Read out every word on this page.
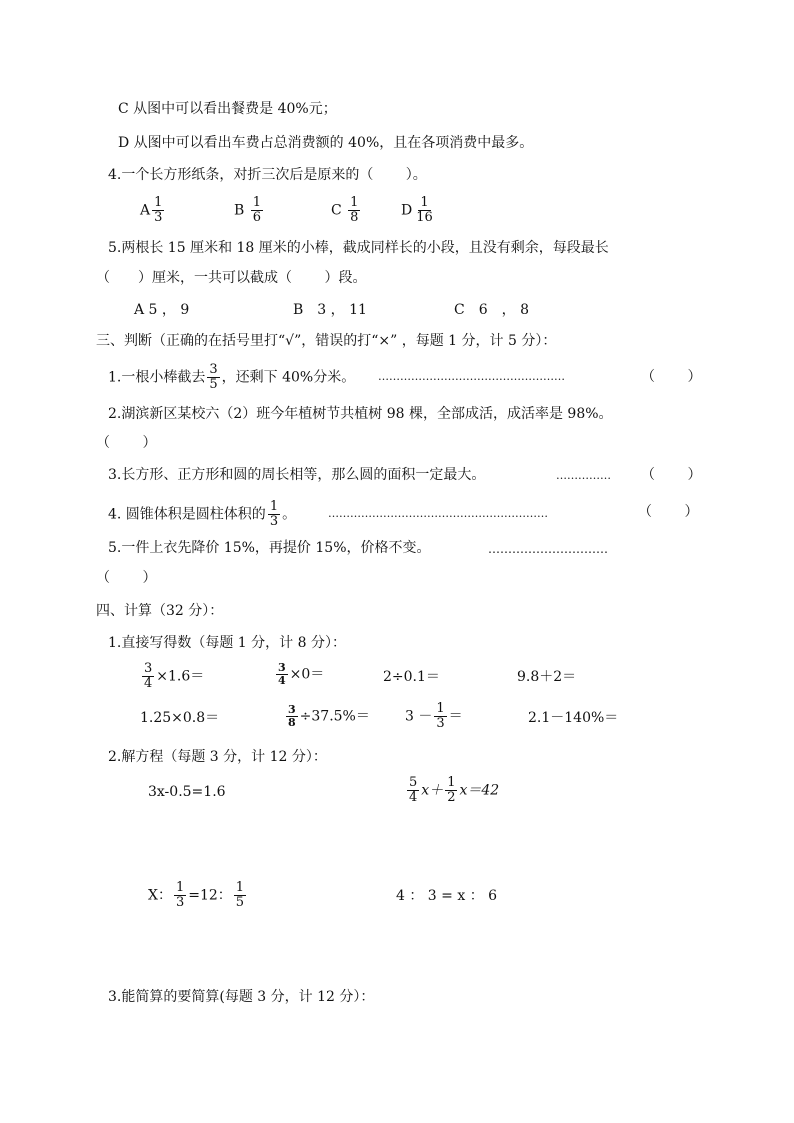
C 从图中可以看出餐费是 40%元；
D 从图中可以看出车费占总消费额的 40%，且在各项消费中最多。
4.一个长方形纸条，对折三次后是原来的（　　 ）。
A $\frac{1}{3}$	B $\frac{1}{6}$	C $\frac{1}{8}$	D $\frac{1}{16}$
5.两根长 15 厘米和 18 厘米的小棒，截成同样长的小段，且没有剩余，每段最长
（　　）厘米，一共可以截成（　　 ）段。
A 5 ， 9	B　3 ， 11	C　6　， 8
三、判断（正确的在括号里打“√”，错误的打“×” ，每题 1 分，计 5 分）：
1.一根小棒截去 $\frac{3}{5}$ ，还剩下 40%分米。 ……………………………………………	（　　 ）
2.湖滨新区某校六（2）班今年植树节共植树 98 棵，全部成活，成活率是 98%。
（　　 ）
3.长方形、正方形和圆的周长相等，那么圆的面积一定最大。	…………… （　　 ）
4. 圆锥体积是圆柱体积的 $\frac{1}{3}$ 。	……………………………………………………	（　　 ）
5.一件上衣先降价 15%，再提价 15%，价格不变。	…………………………
（　　 ）
四、计算（32 分）：
1.直接写得数（每题 1 分，计 8 分）：
$\frac{3}{4} \times 1.6=$	$\frac{3}{4} \times 0=$	2÷0.1＝	9.8＋2＝
1.25×0.8＝	$\frac{3}{8} \div 37.5\%=$	$3 - \frac{1}{3}$ ＝	2.1－140%＝
2.解方程（每题 3 分，计 12 分）：
3x-0.5=1.6	$\frac{5}{4} x+ \frac{1}{2} x=42$
X： $\frac{1}{3} =12$： $\frac{1}{5}$	4 ： 3 = x ： 6
3.能简算的要简算(每题 3 分，计 12 分）：
